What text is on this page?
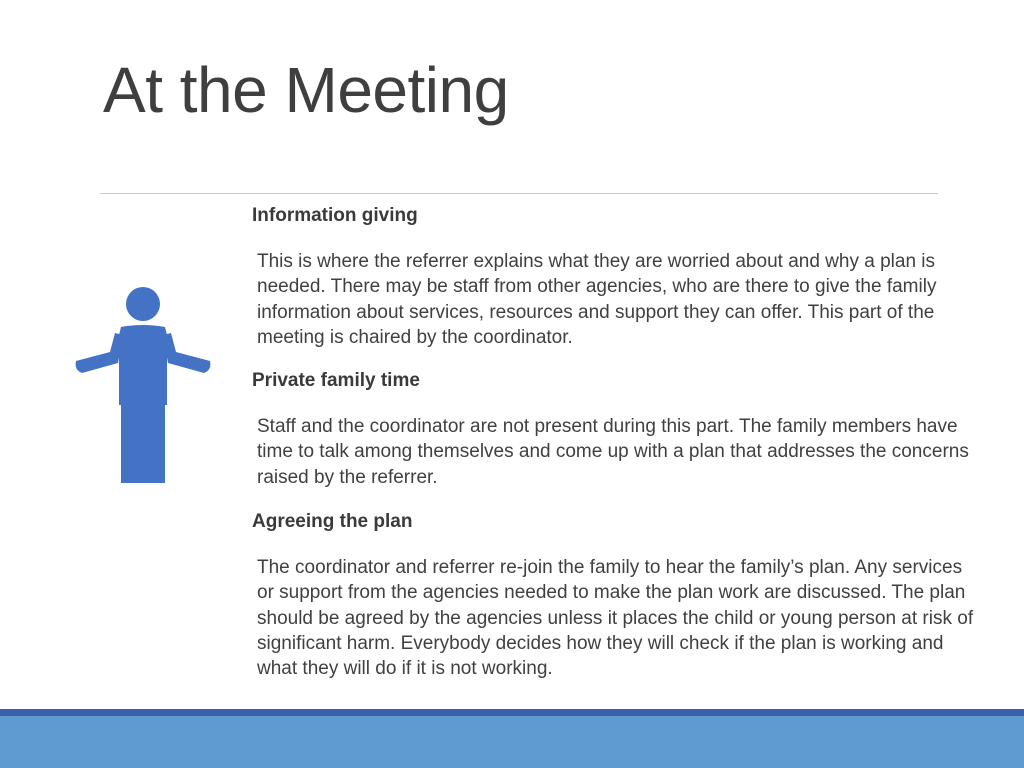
At the Meeting

Information giving

This is where the referrer explains what they are worried about and why a plan is needed. There may be staff from other agencies, who are there to give the family information about services, resources and support they can offer. This part of the meeting is chaired by the coordinator.

Private family time

Staff and the coordinator are not present during this part. The family members have time to talk among themselves and come up with a plan that addresses the concerns raised by the referrer.

Agreeing the plan

The coordinator and referrer re-join the family to hear the family’s plan. Any services or support from the agencies needed to make the plan work are discussed. The plan should be agreed by the agencies unless it places the child or young person at risk of significant harm. Everybody decides how they will check if the plan is working and what they will do if it is not working.
